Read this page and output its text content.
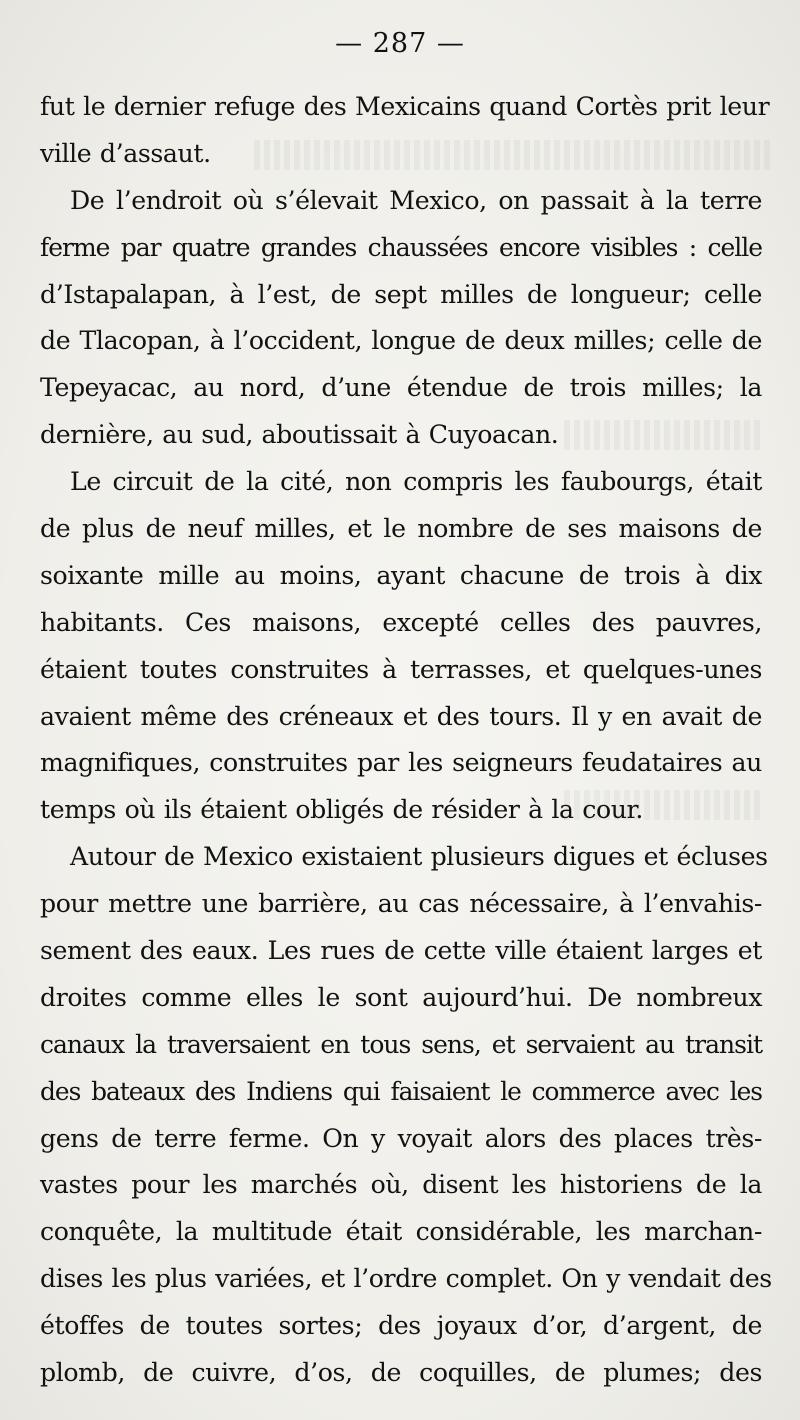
— 287 —
fut le dernier refuge des Mexicains quand Cortès prit leur
ville d’assaut.
De l’endroit où s’élevait Mexico, on passait à la terre
ferme par quatre grandes chaussées encore visibles : celle
d’Istapalapan, à l’est, de sept milles de longueur; celle
de Tlacopan, à l’occident, longue de deux milles; celle de
Tepeyacac, au nord, d’une étendue de trois milles; la
dernière, au sud, aboutissait à Cuyoacan.
Le circuit de la cité, non compris les faubourgs, était
de plus de neuf milles, et le nombre de ses maisons de
soixante mille au moins, ayant chacune de trois à dix
habitants. Ces maisons, excepté celles des pauvres,
étaient toutes construites à terrasses, et quelques-unes
avaient même des créneaux et des tours. Il y en avait de
magnifiques, construites par les seigneurs feudataires au
temps où ils étaient obligés de résider à la cour.
Autour de Mexico existaient plusieurs digues et écluses
pour mettre une barrière, au cas nécessaire, à l’envahis-
sement des eaux. Les rues de cette ville étaient larges et
droites comme elles le sont aujourd’hui. De nombreux
canaux la traversaient en tous sens, et servaient au transit
des bateaux des Indiens qui faisaient le commerce avec les
gens de terre ferme. On y voyait alors des places très-
vastes pour les marchés où, disent les historiens de la
conquête, la multitude était considérable, les marchan-
dises les plus variées, et l’ordre complet. On y vendait des
étoffes de toutes sortes; des joyaux d’or, d’argent, de
plomb, de cuivre, d’os, de coquilles, de plumes; des
